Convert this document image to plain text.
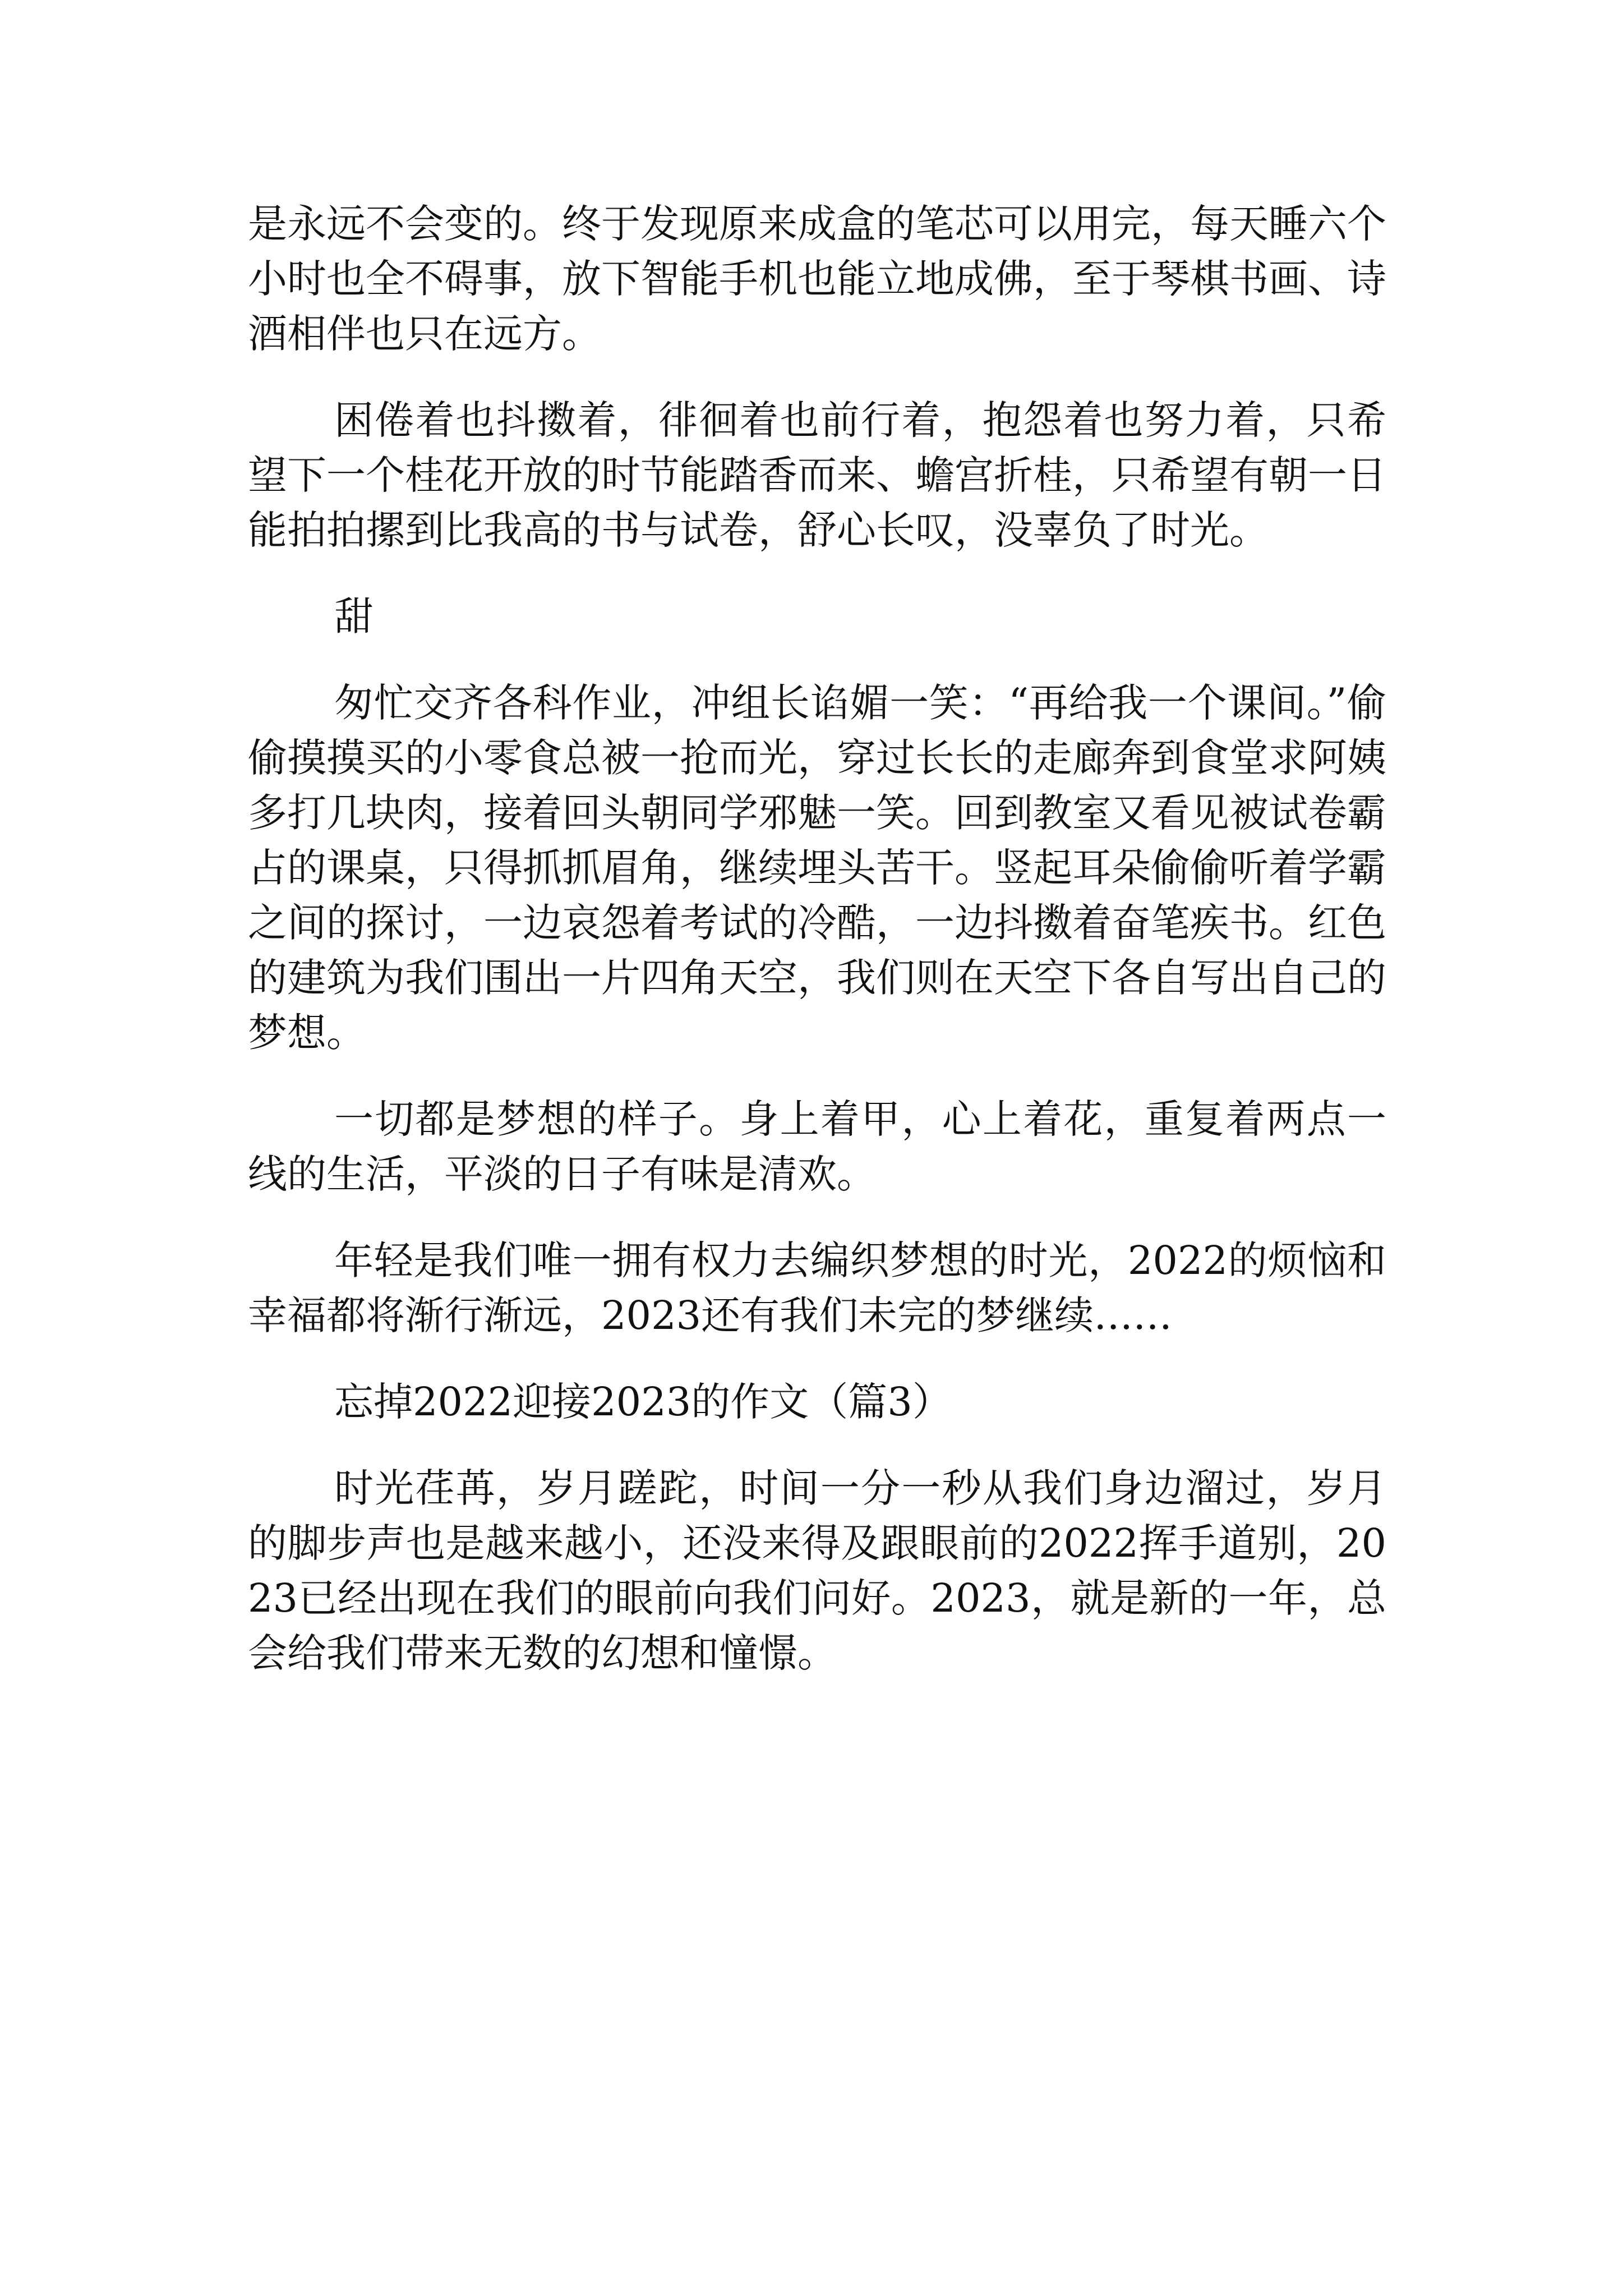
是永远不会变的。终于发现原来成盒的笔芯可以用完，每天睡六个小时也全不碍事，放下智能手机也能立地成佛，至于琴棋书画、诗酒相伴也只在远方。

困倦着也抖擞着，徘徊着也前行着，抱怨着也努力着，只希望下一个桂花开放的时节能踏香而来、蟾宫折桂，只希望有朝一日能拍拍摞到比我高的书与试卷，舒心长叹，没辜负了时光。

甜

匆忙交齐各科作业，冲组长谄媚一笑：“再给我一个课间。”偷偷摸摸买的小零食总被一抢而光，穿过长长的走廊奔到食堂求阿姨多打几块肉，接着回头朝同学邪魅一笑。回到教室又看见被试卷霸占的课桌，只得抓抓眉角，继续埋头苦干。竖起耳朵偷偷听着学霸之间的探讨，一边哀怨着考试的冷酷，一边抖擞着奋笔疾书。红色的建筑为我们围出一片四角天空，我们则在天空下各自写出自己的梦想。

一切都是梦想的样子。身上着甲，心上着花，重复着两点一线的生活，平淡的日子有味是清欢。

年轻是我们唯一拥有权力去编织梦想的时光，2022的烦恼和幸福都将渐行渐远，2023还有我们未完的梦继续……

忘掉2022迎接2023的作文（篇3）

时光荏苒，岁月蹉跎，时间一分一秒从我们身边溜过，岁月的脚步声也是越来越小，还没来得及跟眼前的2022挥手道别，2023已经出现在我们的眼前向我们问好。2023，就是新的一年，总会给我们带来无数的幻想和憧憬。
